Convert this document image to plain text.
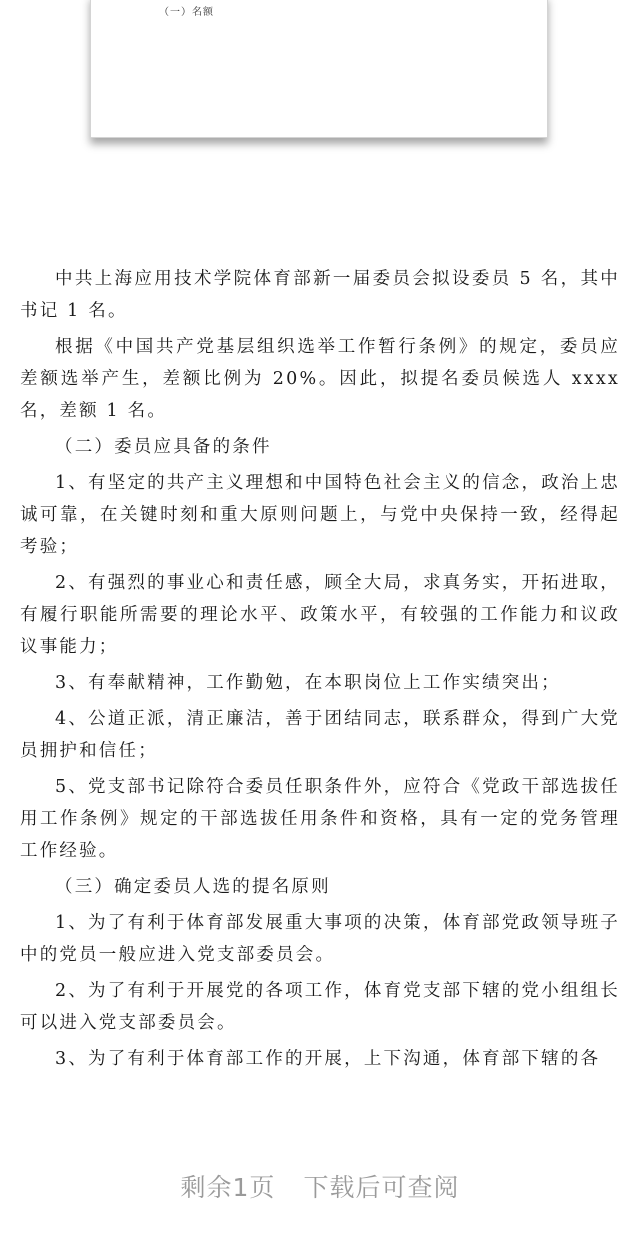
（一）名额

中共上海应用技术学院体育部新一届委员会拟设委员 5 名，其中书记 1 名。

根据《中国共产党基层组织选举工作暂行条例》的规定，委员应差额选举产生，差额比例为 20%。因此，拟提名委员候选人 xxxx 名，差额 1 名。

（二）委员应具备的条件

1、有坚定的共产主义理想和中国特色社会主义的信念，政治上忠诚可靠，在关键时刻和重大原则问题上，与党中央保持一致，经得起考验；

2、有强烈的事业心和责任感，顾全大局，求真务实，开拓进取，有履行职能所需要的理论水平、政策水平，有较强的工作能力和议政议事能力；

3、有奉献精神，工作勤勉，在本职岗位上工作实绩突出；

4、公道正派，清正廉洁，善于团结同志，联系群众，得到广大党员拥护和信任；

5、党支部书记除符合委员任职条件外，应符合《党政干部选拔任用工作条例》规定的干部选拔任用条件和资格，具有一定的党务管理工作经验。

（三）确定委员人选的提名原则

1、为了有利于体育部发展重大事项的决策，体育部党政领导班子中的党员一般应进入党支部委员会。

2、为了有利于开展党的各项工作，体育党支部下辖的党小组组长可以进入党支部委员会。

3、为了有利于体育部工作的开展，上下沟通，体育部下辖的各

剩余1页 下载后可查阅
